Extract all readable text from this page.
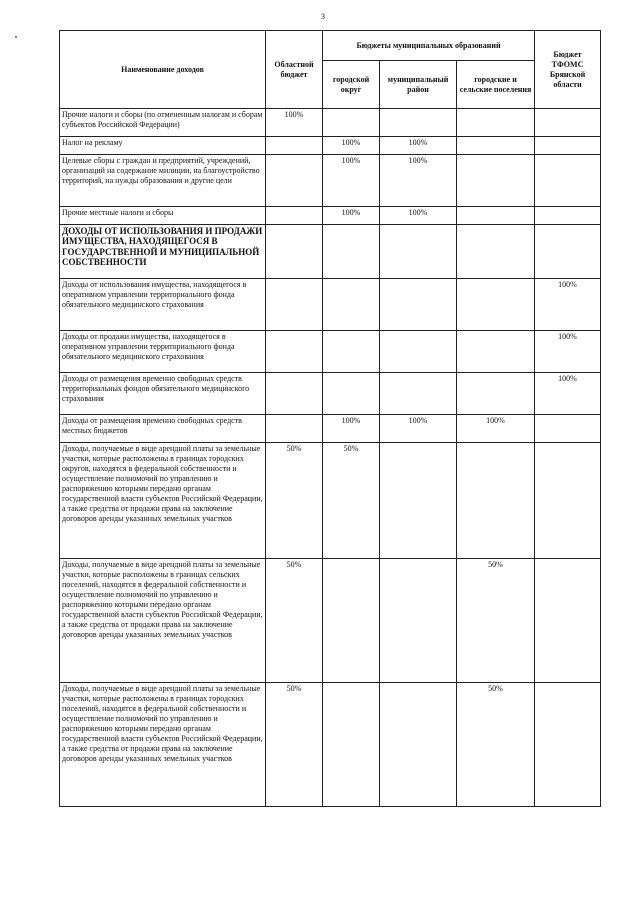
3
Наименование доходов	Областной бюджет	Бюджеты муниципальных образований			Бюджет ТФОМС Брянской области
		городской округ	муниципальный район	городские и сельские поселения	
Прочие налоги и сборы (по отмененным налогам и сборам субъектов Российской Федерации)	100%				
Налог на рекламу		100%	100%		
Целевые сборы с граждан и предприятий, учреждений, организаций на содержание милиции, на благоустройство территорий, на нужды образования и другие цели		100%	100%		
Прочие местные налоги и сборы		100%	100%		
ДОХОДЫ ОТ ИСПОЛЬЗОВАНИЯ И ПРОДАЖИ ИМУЩЕСТВА, НАХОДЯЩЕГОСЯ В ГОСУДАРСТВЕННОЙ И МУНИЦИПАЛЬНОЙ СОБСТВЕННОСТИ					
Доходы от использования имущества, находящегося в оперативном управлении территориального фонда обязательного медицинского страхования					100%
Доходы от продажи имущества, находящегося в оперативном управлении территориального фонда обязательного медицинского страхования					100%
Доходы от размещения временно свободных средств территориальных фондов обязательного медицинского страхования					100%
Доходы от размещения временно свободных средств местных бюджетов		100%	100%	100%	
Доходы, получаемые в виде арендной платы за земельные участки, которые расположены в границах городских округов, находятся в федеральной собственности и осуществление полномочий по управлению и распоряжению которыми передано органам государственной власти субъектов Российской Федерации, а также средства от продажи права на заключение договоров аренды указанных земельных участков	50%	50%			
Доходы, получаемые в виде арендной платы за земельные участки, которые расположены в границах сельских поселений, находятся в федеральной собственности и осуществление полномочий по управлению и распоряжению которыми передано органам государственной власти субъектов Российской Федерации, а также средства от продажи права на заключение договоров аренды указанных земельных участков	50%			50%	
Доходы, получаемые в виде арендной платы за земельные участки, которые расположены в границах городских поселений, находятся в федеральной собственности и осуществление полномочий по управлению и распоряжению которыми передано органам государственной власти субъектов Российской Федерации, а также средства от продажи права на заключение договоров аренды указанных земельных участков	50%			50%	
